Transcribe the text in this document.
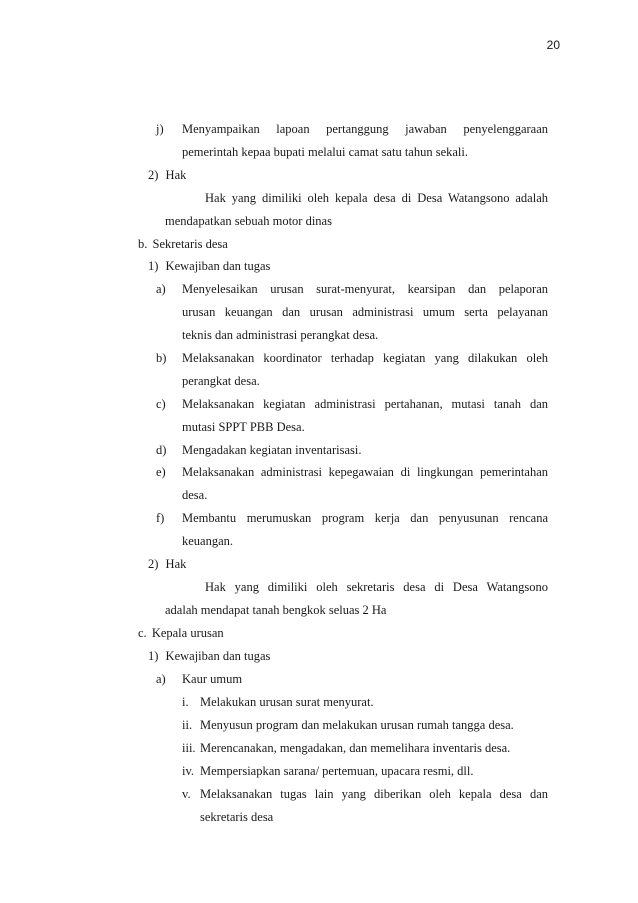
20
j) Menyampaikan lapoan pertanggung jawaban penyelenggaraan
pemerintah kepaa bupati melalui camat satu tahun sekali.
2) Hak
Hak yang dimiliki oleh kepala desa di Desa Watangsono adalah
mendapatkan sebuah motor dinas
b. Sekretaris desa
1) Kewajiban dan tugas
a) Menyelesaikan urusan surat-menyurat, kearsipan dan pelaporan
urusan keuangan dan urusan administrasi umum serta pelayanan
teknis dan administrasi perangkat desa.
b) Melaksanakan koordinator terhadap kegiatan yang dilakukan oleh
perangkat desa.
c) Melaksanakan kegiatan administrasi pertahanan, mutasi tanah dan
mutasi SPPT PBB Desa.
d) Mengadakan kegiatan inventarisasi.
e) Melaksanakan administrasi kepegawaian di lingkungan pemerintahan
desa.
f) Membantu merumuskan program kerja dan penyusunan rencana
keuangan.
2) Hak
Hak yang dimiliki oleh sekretaris desa di Desa Watangsono
adalah mendapat tanah bengkok seluas 2 Ha
c. Kepala urusan
1) Kewajiban dan tugas
a) Kaur umum
i. Melakukan urusan surat menyurat.
ii. Menyusun program dan melakukan urusan rumah tangga desa.
iii. Merencanakan, mengadakan, dan memelihara inventaris desa.
iv. Mempersiapkan sarana/ pertemuan, upacara resmi, dll.
v. Melaksanakan tugas lain yang diberikan oleh kepala desa dan
sekretaris desa
